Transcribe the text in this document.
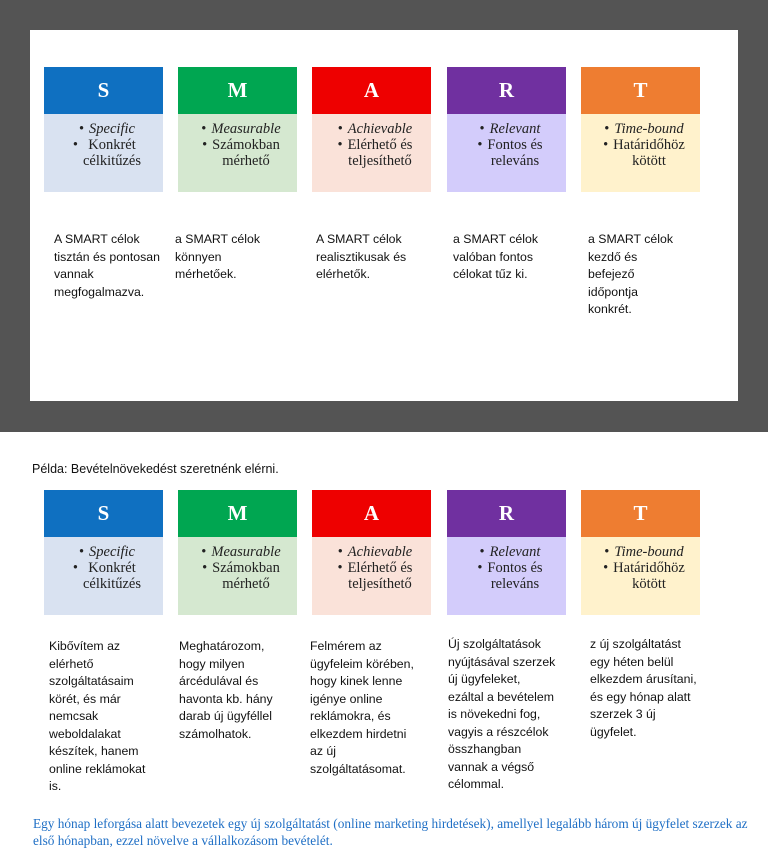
S
• Specific
• Konkrét
célkitűzés
M
• Measurable
• Számokban
mérhető
A
• Achievable
• Elérhető és
teljesíthető
R
• Relevant
• Fontos és
releváns
T
• Time-bound
• Határidőhöz
kötött
A SMART célok tisztán és pontosan vannak megfogalmazva.
a SMART célok könnyen mérhetőek.
A SMART célok realisztikusak és elérhetők.
a SMART célok valóban fontos célokat tűz ki.
a SMART célok kezdő és befejező időpontja konkrét.
Példa: Bevételnövekedést szeretnénk elérni.
S
• Specific
• Konkrét
célkitűzés
M
• Measurable
• Számokban
mérhető
A
• Achievable
• Elérhető és
teljesíthető
R
• Relevant
• Fontos és
releváns
T
• Time-bound
• Határidőhöz
kötött
Kibővítem az elérhető szolgáltatásaim körét, és már nemcsak weboldalakat készítek, hanem online reklámokat is.
Meghatározom, hogy milyen árcédulával és havonta kb. hány darab új ügyféllel számolhatok.
Felmérem az ügyfeleim körében, hogy kinek lenne igénye online reklámokra, és elkezdem hirdetni az új szolgáltatásomat.
Új szolgáltatások nyújtásával szerzek új ügyfeleket, ezáltal a bevételem is növekedni fog, vagyis a részcélok összhangban vannak a végső célommal.
z új szolgáltatást egy héten belül elkezdem árusítani, és egy hónap alatt szerzek 3 új ügyfelet.
Egy hónap leforgása alatt bevezetek egy új szolgáltatást (online marketing hirdetések), amellyel legalább három új ügyfelet szerzek az első hónapban, ezzel növelve a vállalkozásom bevételét.
